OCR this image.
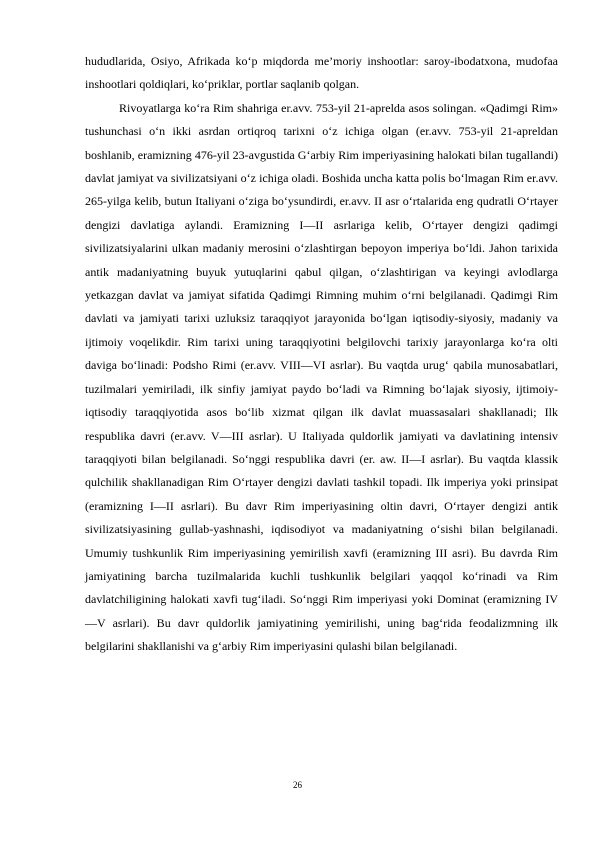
hududlarida, Osiyo, Afrikada ko‘p miqdorda me’moriy inshootlar: saroy-ibodatxona, mudofaa inshootlari qoldiqlari, ko‘priklar, portlar saqlanib qolgan.

Rivoyatlarga ko‘ra Rim shahriga er.avv. 753-yil 21-aprelda asos solingan. «Qadimgi Rim» tushunchasi o‘n ikki asrdan ortiqroq tarixni o‘z ichiga olgan (er.avv. 753-yil 21-apreldan boshlanib, eramizning 476-yil 23-avgustida G‘arbiy Rim imperiyasining halokati bilan tugallandi) davlat jamiyat va sivilizatsiyani o‘z ichiga oladi. Boshida uncha katta polis bo‘lmagan Rim er.avv. 265-yilga kelib, butun Italiyani o‘ziga bo‘ysundirdi, er.avv. II asr o‘rtalarida eng qudratli O‘rtayer dengizi davlatiga aylandi. Eramizning I—II asrlariga kelib, O‘rtayer dengizi qadimgi sivilizatsiyalarini ulkan madaniy merosini o‘zlashtirgan bepoyon imperiya bo‘ldi. Jahon tarixida antik madaniyatning buyuk yutuqlarini qabul qilgan, o‘zlashtirigan va keyingi avlodlarga yetkazgan davlat va jamiyat sifatida Qadimgi Rimning muhim o‘rni belgilanadi. Qadimgi Rim davlati va jamiyati tarixi uzluksiz taraqqiyot jarayonida bo‘lgan iqtisodiy-siyosiy, madaniy va ijtimoiy voqelikdir. Rim tarixi uning taraqqiyotini belgilovchi tarixiy jarayonlarga ko‘ra olti daviga bo‘linadi: Podsho Rimi (er.avv. VIII—VI asrlar). Bu vaqtda urug‘ qabila munosabatlari, tuzilmalari yemiriladi, ilk sinfiy jamiyat paydo bo‘ladi va Rimning bo‘lajak siyosiy, ijtimoiy-iqtisodiy taraqqiyotida asos bo‘lib xizmat qilgan ilk davlat muassasalari shakllanadi; Ilk respublika davri (er.avv. V—III asrlar). U Italiyada quldorlik jamiyati va davlatining intensiv taraqqiyoti bilan belgilanadi. So‘nggi respublika davri (er. aw. II—I asrlar). Bu vaqtda klassik qulchilik shakllanadigan Rim O‘rtayer dengizi davlati tashkil topadi. Ilk imperiya yoki prinsipat (eramizning I—II asrlari). Bu davr Rim imperiyasining oltin davri, O‘rtayer dengizi antik sivilizatsiyasining gullab-yashnashi, iqdisodiyot va madaniyatning o‘sishi bilan belgilanadi. Umumiy tushkunlik Rim imperiyasining yemirilish xavfi (eramizning III asri). Bu davrda Rim jamiyatining barcha tuzilmalarida kuchli tushkunlik belgilari yaqqol ko‘rinadi va Rim davlatchiligining halokati xavfi tug‘iladi. So‘nggi Rim imperiyasi yoki Dominat (eramizning IV—V asrlari). Bu davr quldorlik jamiyatining yemirilishi, uning bag‘rida feodalizmning ilk belgilarini shakllanishi va g‘arbiy Rim imperiyasini qulashi bilan belgilanadi.

26
